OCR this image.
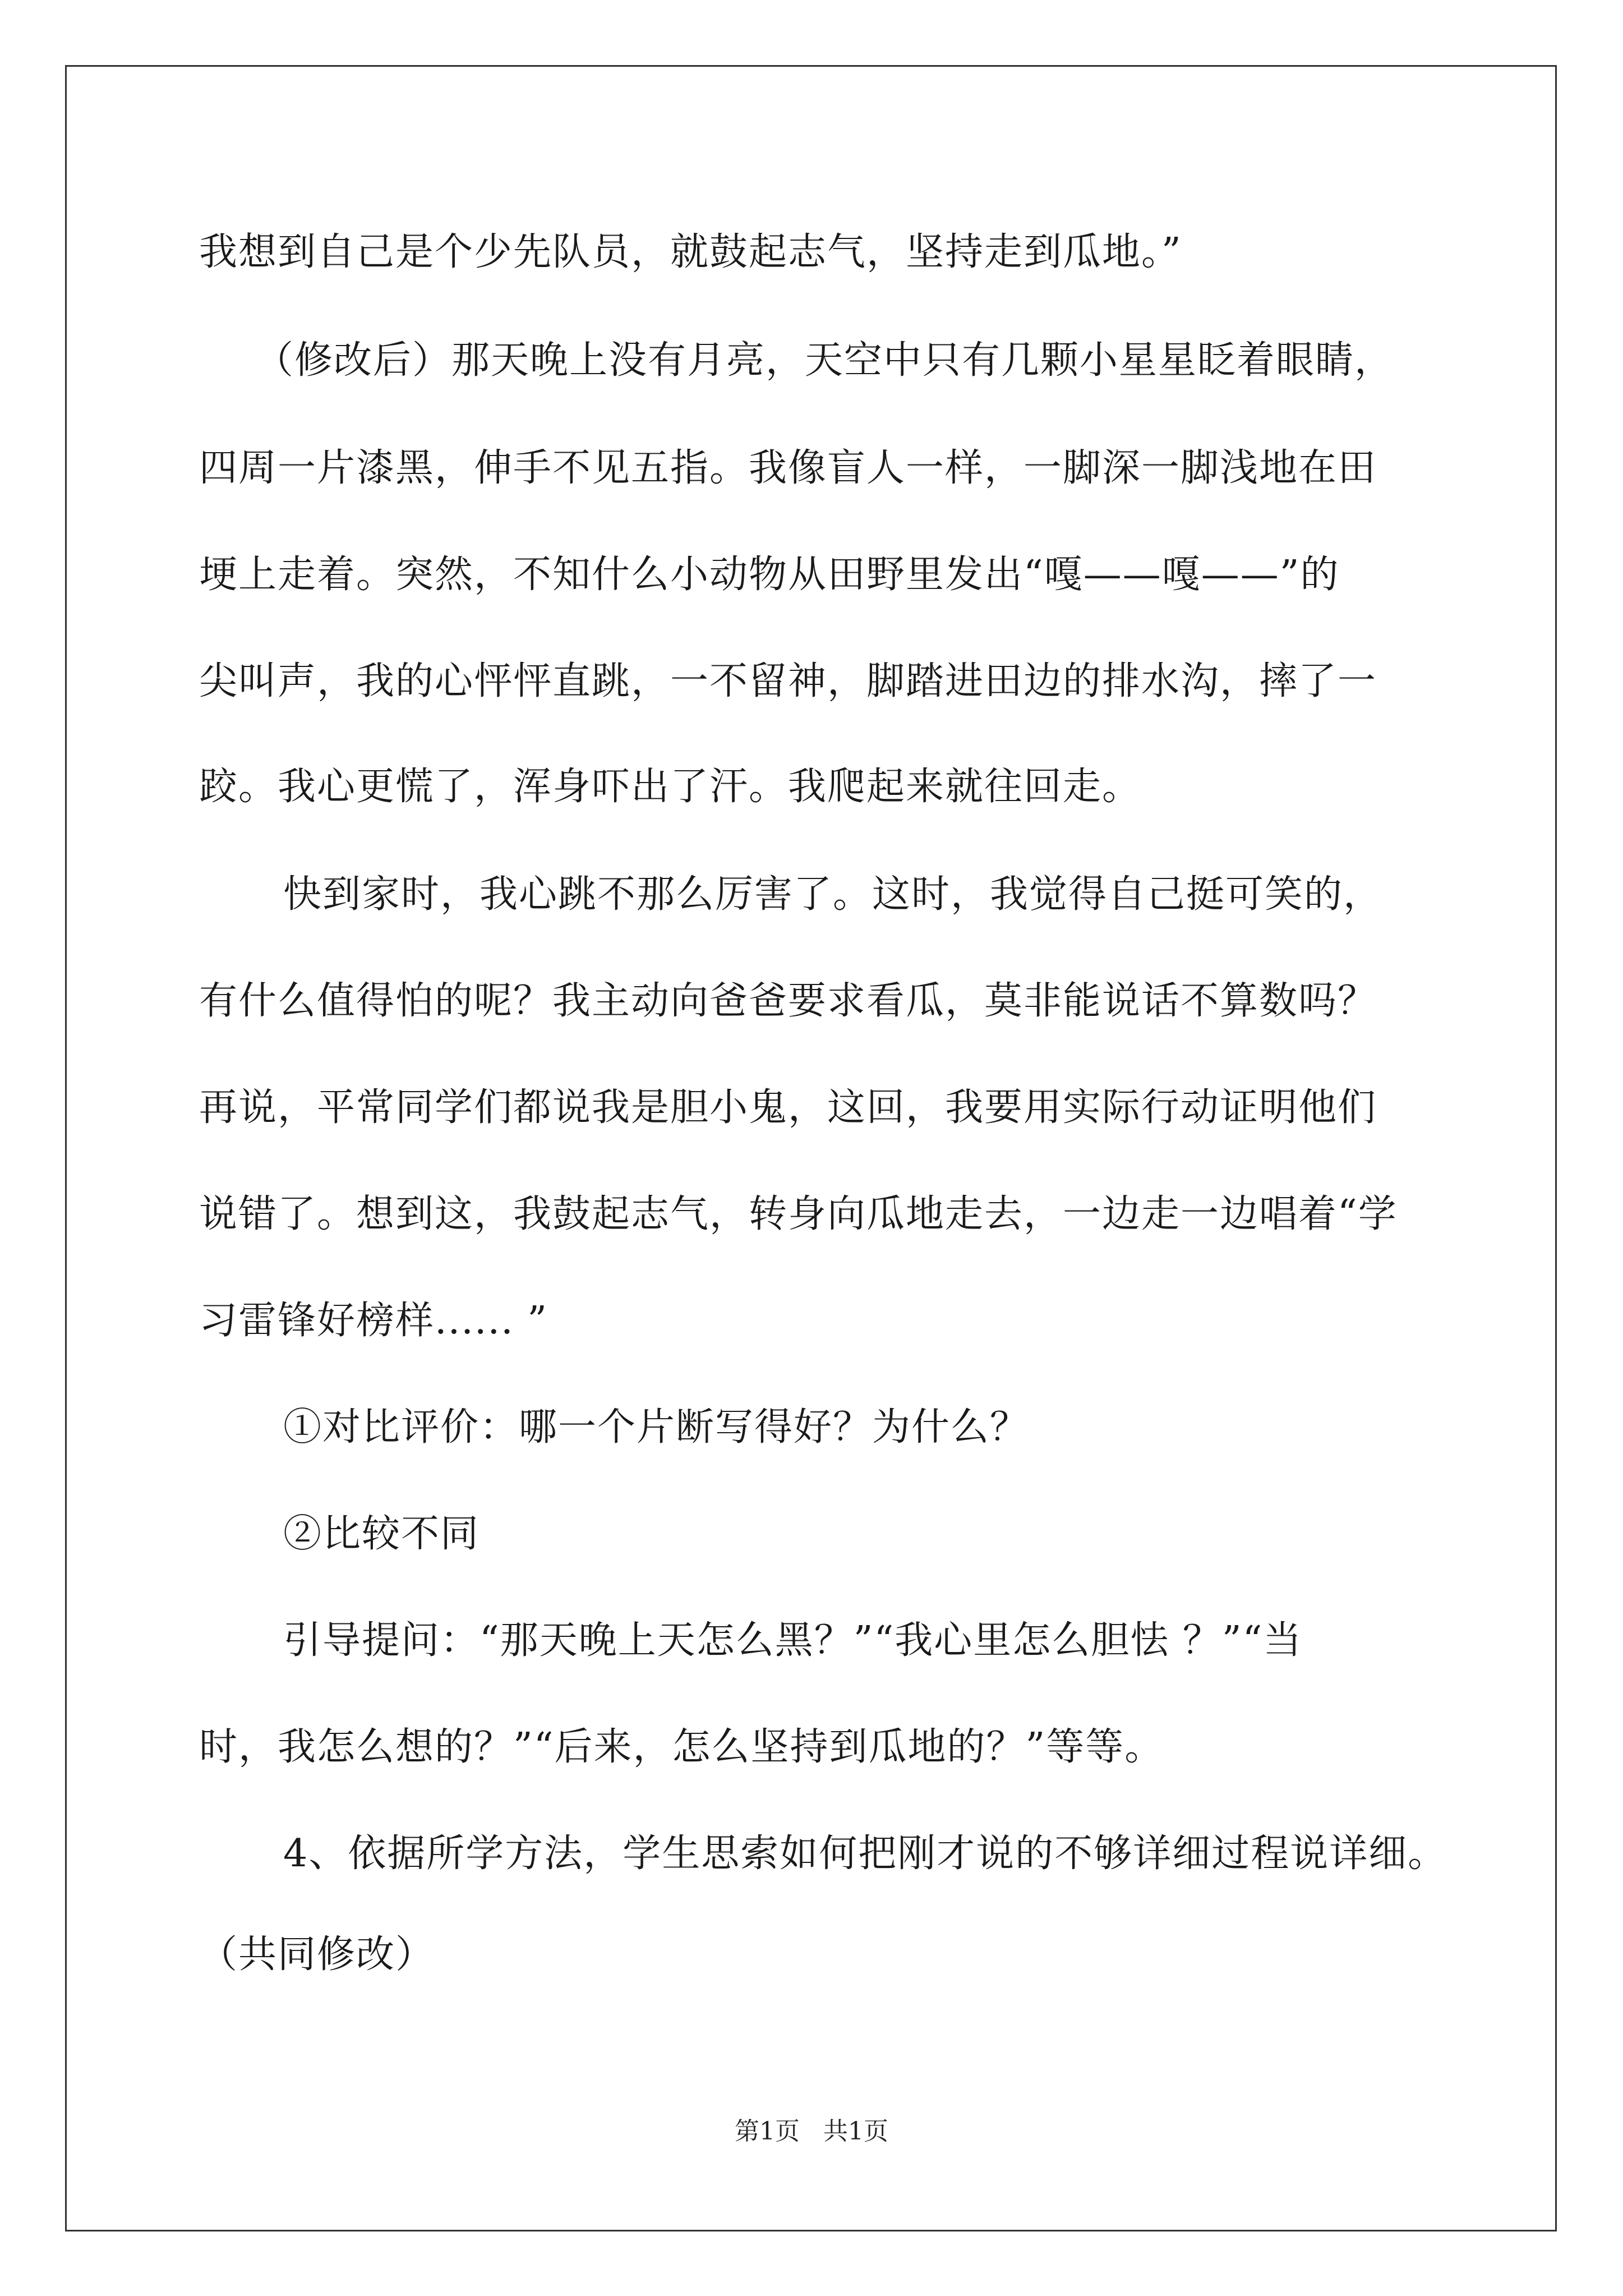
我想到自己是个少先队员，就鼓起志气，坚持走到瓜地。”
（修改后）那天晚上没有月亮，天空中只有几颗小星星眨着眼睛，
四周一片漆黑，伸手不见五指。我像盲人一样，一脚深一脚浅地在田
埂上走着。突然，不知什么小动物从田野里发出“嘎——嘎——”的
尖叫声，我的心怦怦直跳，一不留神，脚踏进田边的排水沟，摔了一
跤。我心更慌了，浑身吓出了汗。我爬起来就往回走。
快到家时，我心跳不那么厉害了。这时，我觉得自己挺可笑的，
有什么值得怕的呢？我主动向爸爸要求看瓜，莫非能说话不算数吗？
再说，平常同学们都说我是胆小鬼，这回，我要用实际行动证明他们
说错了。想到这，我鼓起志气，转身向瓜地走去，一边走一边唱着“学
习雷锋好榜样...... ”
①对比评价：哪一个片断写得好？为什么？
②比较不同
引导提问：“那天晚上天怎么黑？”“我心里怎么胆怯 ？”“当
时，我怎么想的？”“后来，怎么坚持到瓜地的？”等等。
4、依据所学方法，学生思索如何把刚才说的不够详细过程说详细。
（共同修改）
第1页 共1页
